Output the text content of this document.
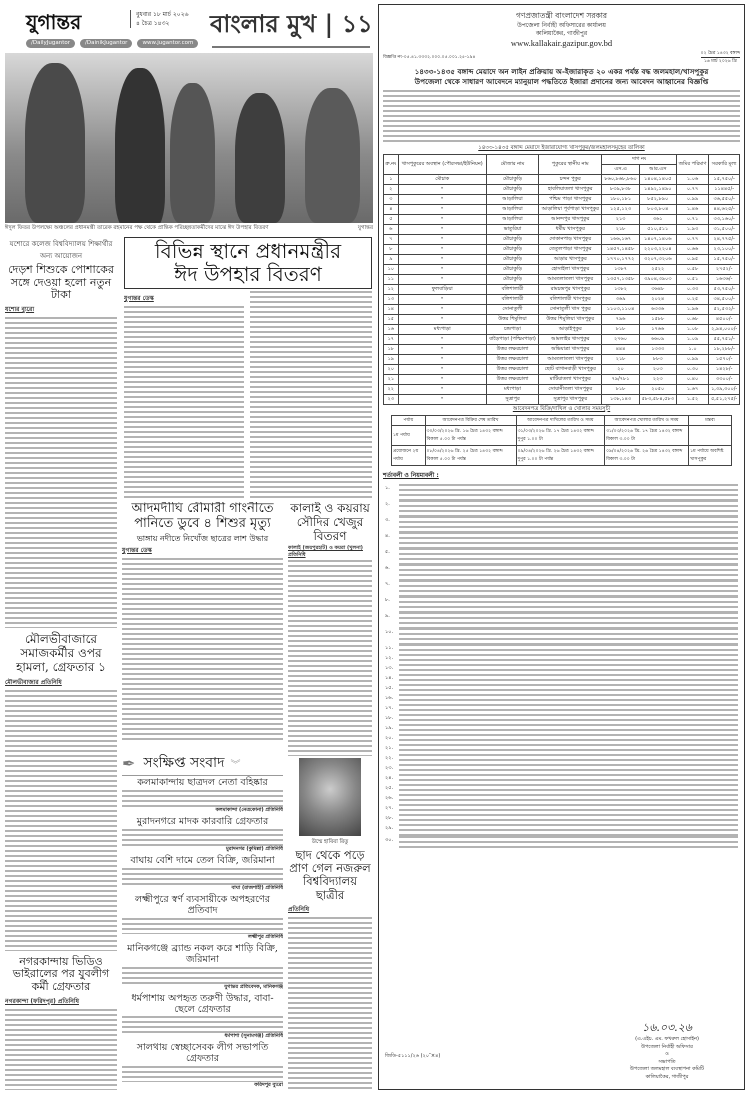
যুগান্তর	বুধবার ১৮ মার্চ ২০২৬
৪ চৈত্র ১৪৩২	বাংলার মুখ | ১১
/DailyJugantor	/DainikJugantor	www.jugantor.com
ঈদুল ফিতর উপলক্ষ্যে অঞ্চলের প্রধানমন্ত্রী তারেক রহমানের পক্ষ থেকে প্রান্তিক পরিচ্ছন্নতাকর্মীদের মাঝে ঈদ উপহার বিতরণ	যুগান্তর
যশোরে কলেজ বিশ্ববিদ্যালয় শিক্ষার্থীর অন্য আয়োজন
দেড়শ শিশুকে পোশাকের সঙ্গে দেওয়া হলো নতুন টাকা
যশোর ব্যুরো
মৌলভীবাজারে সমাজকর্মীর ওপর হামলা, গ্রেফতার ১
মৌলভীবাজার প্রতিনিধি
নগরকান্দায় ভিডিও ভাইরালের পর যুবলীগ কর্মী গ্রেফতার
নগরকান্দা (ফরিদপুর) প্রতিনিধি
বিভিন্ন স্থানে প্রধানমন্ত্রীর
ঈদ উপহার বিতরণ
যুগান্তর ডেস্ক
আদমদীঘি রৌমারী গাংনীতে পানিতে ডুবে ৪ শিশুর মৃত্যু
ভাঙ্গায় নদীতে নিখোঁজ ছাত্রের লাশ উদ্ধার
যুগান্তর ডেস্ক
কালাই ও কয়রায় সৌদির খেজুর বিতরণ
কালাই (জয়পুরহাট) ও কয়রা (খুলনা) প্রতিনিধি
✒ সংক্ষিপ্ত সংবাদ ︾
কলমাকান্দায় ছাত্রদল নেতা বহিষ্কার
কলমাকান্দা (নেত্রকোনা) প্রতিনিধি
মুরাদনগরে মাদক কারবারি গ্রেফতার
মুরাদনগর (কুমিল্লা) প্রতিনিধি
বাঘায় বেশি দামে তেল বিক্রি, জরিমানা
বাঘা (রাজশাহী) প্রতিনিধি
লক্ষ্মীপুরে স্বর্ণ ব্যবসায়ীকে অপহরণের প্রতিবাদ
লক্ষ্মীপুর প্রতিনিধি
মানিকগঞ্জে ব্র্যান্ড নকল করে শাড়ি বিক্রি, জরিমানা
যুগান্তর প্রতিবেদক, মানিকগঞ্জ
ধর্মপাশায় অপহৃত তরুণী উদ্ধার, বাবা-ছেলে গ্রেফতার
ধর্মপাশা (সুনামগঞ্জ) প্রতিনিধি
সালথায় স্বেচ্ছাসেবক লীগ সভাপতি গ্রেফতার
ফরিদপুর ব্যুরো
উম্মে হাবিবা রিতু
ছাদ থেকে পড়ে প্রাণ গেল নজরুল বিশ্ববিদ্যালয় ছাত্রীর
প্রতিনিধি
গণপ্রজাতন্ত্রী বাংলাদেশ সরকার
উপজেলা নির্বাহী অফিসারের কার্যালয়
কালিয়াকৈর, গাজীপুর
www.kallakair.gazipur.gov.bd
বিজ্ঞপ্তি নং-০৫.৪১.৩৩৩২.০০০.০৫.০০১.২৫-১৯৪
০২ চৈত্র ১৪৩২ বঙ্গাব্দ
১৬ মার্চ ২০২৬ খ্রি
১৪৩৩-১৪৩৫ বঙ্গাব্দ মেয়াদে অন লাইন প্রক্রিয়ায় অ-ইজারাকৃত ২০ একর পর্যন্ত বদ্ধ জলমহাল/খাসপুকুর
উপজেলা থেকে সাধারণ আবেদনে ম্যানুয়াল পদ্ধতিতে ইজারা প্রদানের জন্য আবেদন আহ্বানের বিজ্ঞপ্তি
১৪৩৩-১৪৩৫ বঙ্গাব্দ মেয়াদে ইজারাযোগ্য খাসপুকুর/জলমহালসমূহের তালিকা
ক্র.নং	খাসপুকুরের অবস্থান (পৌরসভা/ইউনিয়ন)	মৌজার নাম	পুকুরের স্থানীয় নাম	দাগ নং		জমির পরিমাণ	সরকারি মূল্য
				এস.এ	আর.এস		
১	মৌচাক	মৌচাকুড়ি	চন্দন পুকুর	৮৬০,৮৬৮,৮৬০	১৪০৪,১৪০৫	১.০৬	১৫,৭৫০/-
২	"	মৌচাকুড়ি	হাবলিয়াতলা খাসপুকুর	৮৩৯,৮৩৮	১৪৯২,১৪৯০	০.৭৭	১১৪৪৫/-
৩	"	আড়ালিয়া	পশ্চিম পাড়া খাসপুকুর	১৮০,১৮১	৮৫২,৮৯০	০.৯৯	৩৬,৫৫০/-
৪	"	আড়ালিয়া	আড়ালিয়া পূর্বপাড়া খাসপুকুর	১২৫,১২৩	৮০৩,৮০৪	১.৪৬	৪৪,৬২৫/-
৫	"	আড়ালিয়া	আনন্দপুর খাসপুকুর	২১৩	৩৬১	০.৭১	৩৩,১৬০/-
৬	"	ভাতুরিয়া	ধর্মীয় খাসপুকুর	২১৮	৫১০,৫১১	১.৯৩	৩১,৫০০/-
৭	"	মৌচাকুড়ি	দোকানপাড় খাসপুকুর	১৬৬,১৬৭	১৪০৭,১৪০৬	০.৭৭	২৪,৭৭৫/-
৮	"	মৌচাকুড়ি	তেতুলপাড়া খাসপুকুর	১৪৫৭,১৪৫৮	২২০৩,২২০৪	০.৬৬	২৩,১০০/-
৯	"	মৌচাকুড়ি	আড়ার খাসপুকুর	১৭৭০,১৭৭২	৩২০৭,৩২০৬	০.৯৫	১৫,৭৫০/-
১০	"	মৌচাকুড়ি	হোসাইলা খাসপুকুর	১৩৮৭	২৫২২	০.৫৮	২৭৫২/-
১১	"	মৌচাকুড়ি	আমতলাতলা খাসপুকুর	১৩৫৭,১৩৫৮	৩৯০৪,৩৯০৩	০.৫১	১৬৩৬/-
১২	ফুলবাড়িয়া	বলিশালারী	রামচন্দ্রপুর খাসপুকুর	১৩৮২	৩৬৪৮	০.৩৩	৫৩,৭৫০/-
১৩	"	বলিশালারী	বলিশালারী খাসপুকুর	৩৬৯	২০২৪	০.২৫	৩৪,৫০০/-
১৪	"	সোনাতুলী	সোনাতুলী খাস পুকুর	১১০৩,১১০৪	৬৩৩৬	১.৯৬	৫২,৫৩২/-
১৫	"	উত্তর শিমুলিয়া	উত্তর শিমুলিয়া খাসপুকুর	৭৯৬	১৫৮৮	০.৬৮	৪৫০০/-
১৬	মধ্যপাড়া	চন্দ্রপাড়া	আড়াইপুকুর	৮১৮	১৭৬৬	১.০৮	২,৯৪,০০০/-
১৭	"	বাড়ৈপাড়া (পশ্চিমপাড়া)	আমলাইর খাসপুকুর	২৭৬০	৬৬০৯	১.০৯	৫৫,৭৫১/-
১৮	"	উত্তর লক্ষরচালা	অভিযাত্রা খাসপুকুর	৪৪৪	১৩৩৩	১.০	১৮,২৮৮/-
১৯	"	উত্তর লক্ষরচালা	আমতলাতলা খাসপুকুর	২১৮	৮৮৩	০.৯৯	১৫৭০/-
২০	"	উত্তর লক্ষরচালা	ছোট বাগানবাড়ী খাসপুকুর	২০	২০৩	০.৩০	১৪২৮/-
২১	"	উত্তর লক্ষরচালা	মাটিয়াতলা খাসপুকুর	৭৯/৭৮১	২২৩	০.৪০	৩৩০০/-
২২	"	মধ্যপাড়া	সোয়ানীতলা খাসপুকুর	৮১৮	২০৫০	১.৬৭	১,৩৯,৩০০/-
২৩	"	সুত্রাপুর	সুত্রাপুর খাসপুকুর	১৩৮,১৪৩	৫৮৩,৫৮৪,৫৮৩	১.৫২	৫,৫১,২৭৫/-
আবেদনপত্র বিক্রি/দাখিল ও খোলার সময়সূচী
পর্যায়	আবেদনপত্র বিক্রির শেষ তারিখ	আবেদনপত্র দাখিলের তারিখ ও সময়	আবেদনপত্র খোলার তারিখ ও সময়	মন্তব্য
১ম পর্যায়	৩০/০৩/২০২৬ খ্রি. ১৬ চৈত্র ১৪৩২ বঙ্গাব্দ বিকাল ৫.০০ টা পর্যন্ত	৩১/০৩/২০২৬ খ্রি. ১৭ চৈত্র ১৪৩২ বঙ্গাব্দ দুপুর ১.০০ টা	৩১/০৩/২০২৬ খ্রি. ১৭ চৈত্র ১৪৩২ বঙ্গাব্দ বিকাল ৩.০০ টা	
প্রয়োজনে ২য় পর্যায়	০৮/০৪/২০২৬ খ্রি. ২৫ চৈত্র ১৪৩২ বঙ্গাব্দ বিকাল ৫.০০ টা পর্যন্ত	০৯/০৪/২০২৬ খ্রি. ২৬ চৈত্র ১৪৩২ বঙ্গাব্দ দুপুর ১.০০ টা পর্যন্ত	০৯/০৪/২০২৬ খ্রি. ২৬ চৈত্র ১৪৩২ বঙ্গাব্দ বিকাল ৩.০০ টা	১ম পর্যায়ে অবশিষ্ট খাসপুকুর
শর্তাবলী ও নিয়মাবলী :
১.
২.
৩.
৪.
৫.
৬.
৭.
৮.
৯.
১০.
১১.
১২.
১৩.
১৪.
১৫.
১৬.
১৭.
১৮.
১৯.
২০.
২১.
২২.
২৩.
২৪.
২৫.
২৬.
২৭.
২৮.
২৯.
৩০.
জিডি-৫১১১/২৬ (২০″×৪)
১৬.০৩.২৬
(এ.এইচ. এম. ফখরুল হোসাইন)
উপজেলা নির্বাহী অফিসার
ও
সভাপতি
উপজেলা জলমহাল ব্যবস্থাপনা কমিটি
কালিয়াকৈর, গাজীপুর
